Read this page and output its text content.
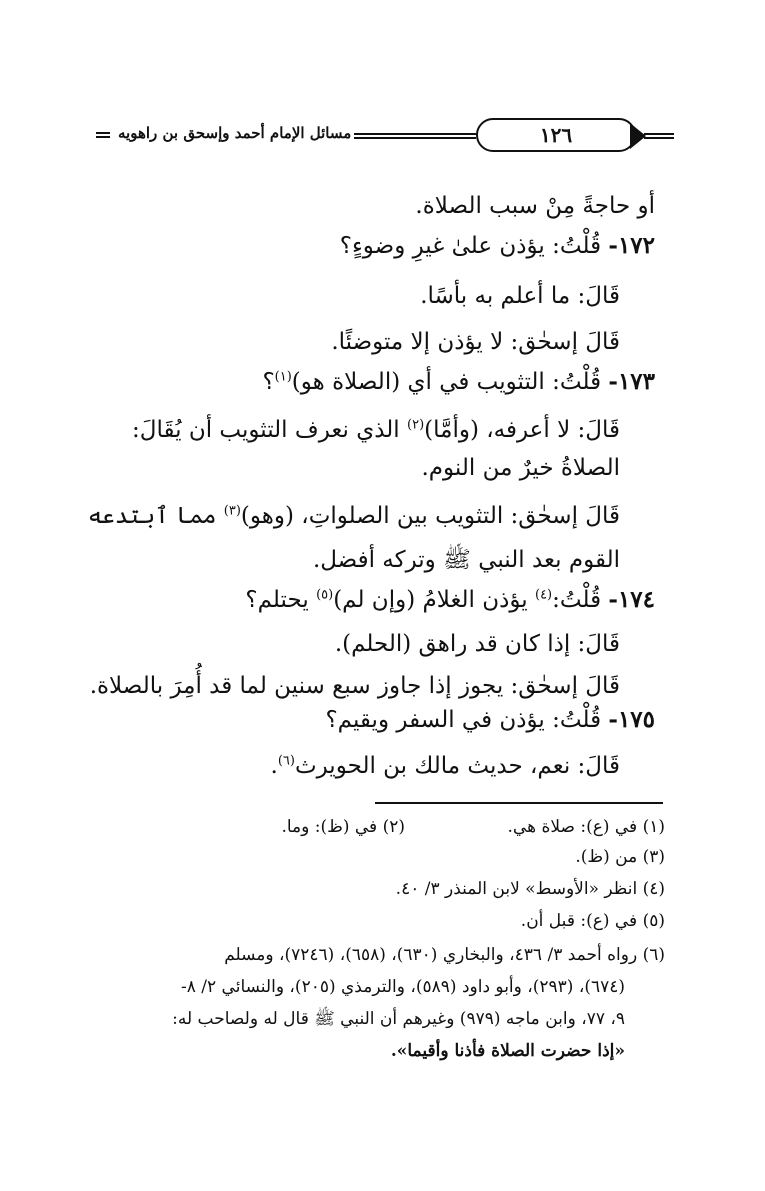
مسائل الإمام أحمد وإسحق بن راهويه	١٢٦
أو حاجةً مِنْ سبب الصلاة.
١٧٢- قُلْتُ: يؤذن علىٰ غيرِ وضوءٍ؟
قَالَ: ما أعلم به بأسًا.
قَالَ إسحٰق: لا يؤذن إلا متوضئًا.
١٧٣- قُلْتُ: التثويب في أي (الصلاة هو)$^{(١)}$؟
قَالَ: لا أعرفه، (وأمَّا)$^{(٢)}$ الذي نعرف التثويب أن يُقَالَ:
الصلاةُ خيرٌ من النوم.
قَالَ إسحٰق: التثويب بين الصلواتِ، (وهو)$^{(٣)}$ مما ٱبتدعه
القوم بعد النبي ﷺ وتركه أفضل.
١٧٤- قُلْتُ:$^{(٤)}$ يؤذن الغلامُ (وإن لم)$^{(٥)}$ يحتلم؟
قَالَ: إذا كان قد راهق (الحلم).
قَالَ إسحٰق: يجوز إذا جاوز سبع سنين لما قد أُمِرَ بالصلاة.
١٧٥- قُلْتُ: يؤذن في السفر ويقيم؟
قَالَ: نعم، حديث مالك بن الحويرث$^{(٦)}$.
(١) في (ع): صلاة هي.
(٢) في (ظ): وما.
(٣) من (ظ).
(٤) انظر «الأوسط» لابن المنذر ٣/ ٤٠.
(٥) في (ع): قبل أن.
(٦) رواه أحمد ٣/ ٤٣٦، والبخاري (٦٣٠)، (٦٥٨)، (٧٢٤٦)، ومسلم
(٦٧٤)، (٢٩٣)، وأبو داود (٥٨٩)، والترمذي (٢٠٥)، والنسائي ٢/ ٨-
٩، ٧٧، وابن ماجه (٩٧٩) وغيرهم أن النبي ﷺ قال له ولصاحب له:
«إذا حضرت الصلاة فأذنا وأقيما».
